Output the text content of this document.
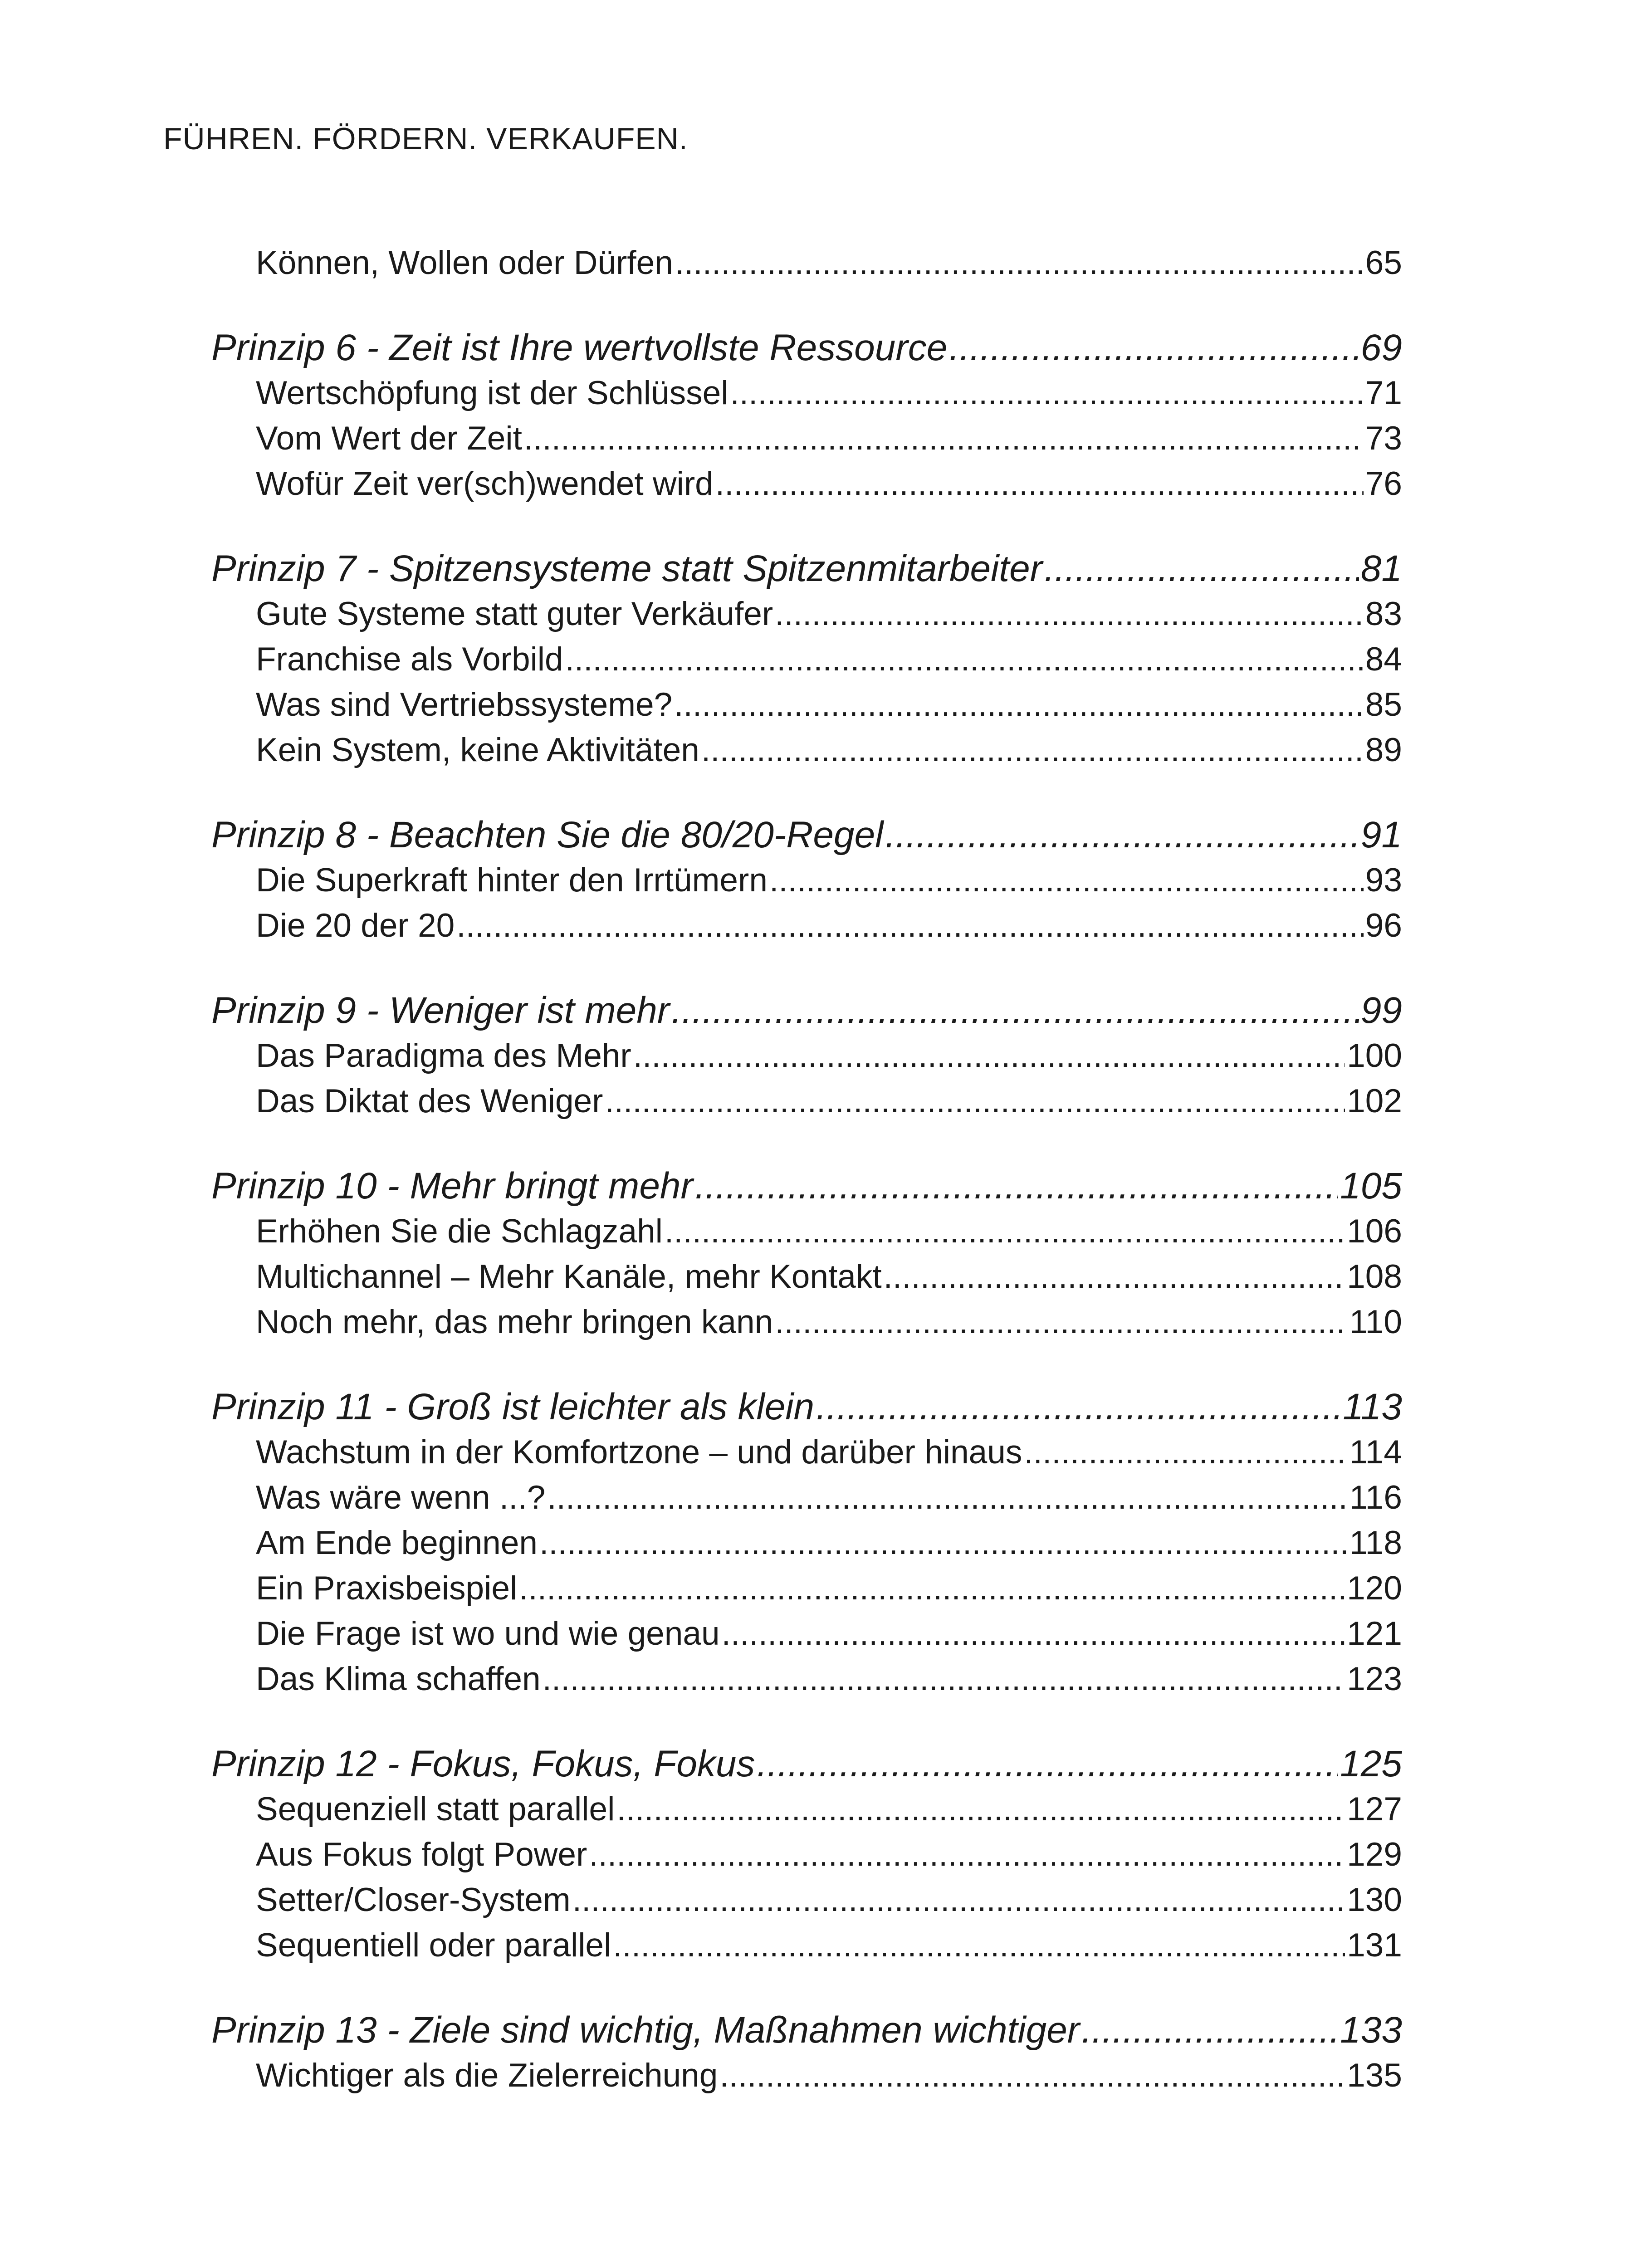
FÜHREN. FÖRDERN. VERKAUFEN.
Können, Wollen oder Dürfen .....	65
Prinzip 6 - Zeit ist Ihre wertvollste Ressource .....	69
Wertschöpfung ist der Schlüssel .....	71
Vom Wert der Zeit .....	73
Wofür Zeit ver(sch)wendet wird .....	76
Prinzip 7 - Spitzensysteme statt Spitzenmitarbeiter .....	81
Gute Systeme statt guter Verkäufer .....	83
Franchise als Vorbild .....	84
Was sind Vertriebssysteme? .....	85
Kein System, keine Aktivitäten .....	89
Prinzip 8 - Beachten Sie die 80/20-Regel .....	91
Die Superkraft hinter den Irrtümern .....	93
Die 20 der 20 .....	96
Prinzip 9 - Weniger ist mehr .....	99
Das Paradigma des Mehr .....	100
Das Diktat des Weniger .....	102
Prinzip 10 - Mehr bringt mehr .....	105
Erhöhen Sie die Schlagzahl .....	106
Multichannel – Mehr Kanäle, mehr Kontakt .....	108
Noch mehr, das mehr bringen kann .....	110
Prinzip 11 - Groß ist leichter als klein .....	113
Wachstum in der Komfortzone – und darüber hinaus .....	114
Was wäre wenn ...? .....	116
Am Ende beginnen .....	118
Ein Praxisbeispiel .....	120
Die Frage ist wo und wie genau .....	121
Das Klima schaffen .....	123
Prinzip 12 - Fokus, Fokus, Fokus .....	125
Sequenziell statt parallel .....	127
Aus Fokus folgt Power .....	129
Setter/Closer-System .....	130
Sequentiell oder parallel .....	131
Prinzip 13 - Ziele sind wichtig, Maßnahmen wichtiger .....	133
Wichtiger als die Zielerreichung .....	135
